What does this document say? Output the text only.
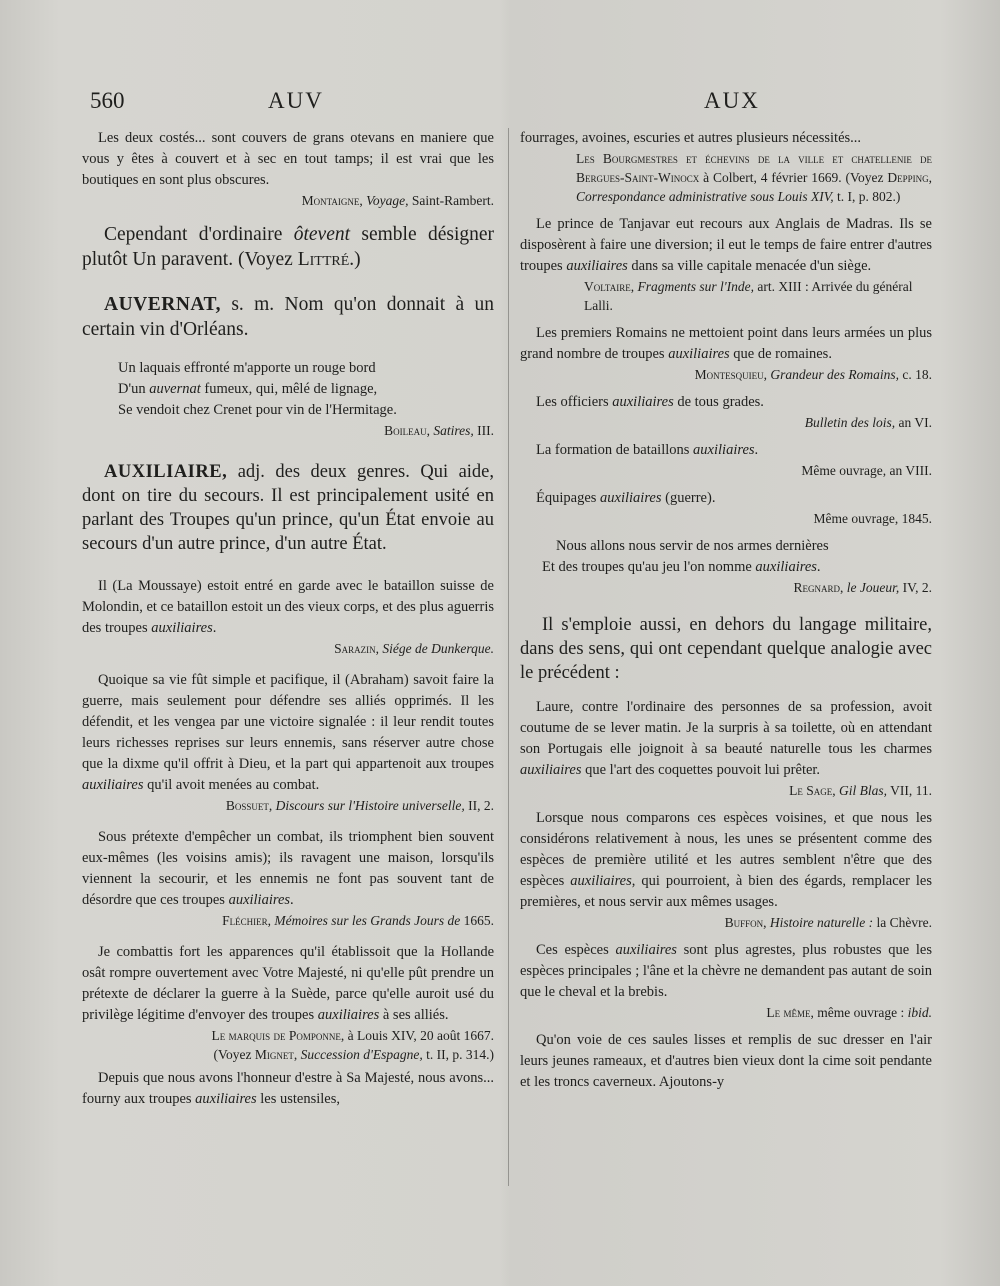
560	AUV	AUX

Les deux costés... sont couvers de grans otevans en maniere que vous y êtes à couvert et à sec en tout tamps; il est vrai que les boutiques en sont plus obscures.

Montaigne, Voyage, Saint-Rambert.

Cependant d'ordinaire ôtevent semble désigner plutôt Un paravent. (Voyez Littré.)

AUVERNAT, s. m. Nom qu'on donnait à un certain vin d'Orléans.

Un laquais effronté m'apporte un rouge bord

D'un auvernat fumeux, qui, mêlé de lignage,

Se vendoit chez Crenet pour vin de l'Hermitage.

Boileau, Satires, III.

AUXILIAIRE, adj. des deux genres. Qui aide, dont on tire du secours. Il est principalement usité en parlant des Troupes qu'un prince, qu'un État envoie au secours d'un autre prince, d'un autre État.

Il (La Moussaye) estoit entré en garde avec le bataillon suisse de Molondin, et ce bataillon estoit un des vieux corps, et des plus aguerris des troupes auxiliaires.

Sarazin, Siége de Dunkerque.

Quoique sa vie fût simple et pacifique, il (Abraham) savoit faire la guerre, mais seulement pour défendre ses alliés opprimés. Il les défendit, et les vengea par une victoire signalée : il leur rendit toutes leurs richesses reprises sur leurs ennemis, sans réserver autre chose que la dixme qu'il offrit à Dieu, et la part qui appartenoit aux troupes auxiliaires qu'il avoit menées au combat.

Bossuet, Discours sur l'Histoire universelle, II, 2.

Sous prétexte d'empêcher un combat, ils triomphent bien souvent eux-mêmes (les voisins amis); ils ravagent une maison, lorsqu'ils viennent la secourir, et les ennemis ne font pas souvent tant de désordre que ces troupes auxiliaires.

Fléchier, Mémoires sur les Grands Jours de 1665.

Je combattis fort les apparences qu'il établissoit que la Hollande osât rompre ouvertement avec Votre Majesté, ni qu'elle pût prendre un prétexte de déclarer la guerre à la Suède, parce qu'elle auroit usé du privilège légitime d'envoyer des troupes auxiliaires à ses alliés.

Le marquis de Pomponne, à Louis XIV, 20 août 1667.

(Voyez Mignet, Succession d'Espagne, t. II, p. 314.)

Depuis que nous avons l'honneur d'estre à Sa Majesté, nous avons... fourny aux troupes auxiliaires les ustensiles,

fourrages, avoines, escuries et autres plusieurs nécessités...

Les Bourgmestres et échevins de la ville et chatellenie de Bergues-Saint-Winocx à Colbert, 4 février 1669. (Voyez Depping, Correspondance administrative sous Louis XIV, t. I, p. 802.)

Le prince de Tanjavar eut recours aux Anglais de Madras. Ils se disposèrent à faire une diversion; il eut le temps de faire entrer d'autres troupes auxiliaires dans sa ville capitale menacée d'un siège.

Voltaire, Fragments sur l'Inde, art. XIII : Arrivée du général Lalli.

Les premiers Romains ne mettoient point dans leurs armées un plus grand nombre de troupes auxiliaires que de romaines.

Montesquieu, Grandeur des Romains, c. 18.

Les officiers auxiliaires de tous grades.

Bulletin des lois, an VI.

La formation de bataillons auxiliaires.

Même ouvrage, an VIII.

Équipages auxiliaires (guerre).

Même ouvrage, 1845.

Nous allons nous servir de nos armes dernières

Et des troupes qu'au jeu l'on nomme auxiliaires.

Regnard, le Joueur, IV, 2.

Il s'emploie aussi, en dehors du langage militaire, dans des sens, qui ont cependant quelque analogie avec le précédent :

Laure, contre l'ordinaire des personnes de sa profession, avoit coutume de se lever matin. Je la surpris à sa toilette, où en attendant son Portugais elle joignoit à sa beauté naturelle tous les charmes auxiliaires que l'art des coquettes pouvoit lui prêter.

Le Sage, Gil Blas, VII, 11.

Lorsque nous comparons ces espèces voisines, et que nous les considérons relativement à nous, les unes se présentent comme des espèces de première utilité et les autres semblent n'être que des espèces auxiliaires, qui pourroient, à bien des égards, remplacer les premières, et nous servir aux mêmes usages.

Buffon, Histoire naturelle : la Chèvre.

Ces espèces auxiliaires sont plus agrestes, plus robustes que les espèces principales ; l'âne et la chèvre ne demandent pas autant de soin que le cheval et la brebis.

Le même, même ouvrage : ibid.

Qu'on voie de ces saules lisses et remplis de suc dresser en l'air leurs jeunes rameaux, et d'autres bien vieux dont la cime soit pendante et les troncs caverneux. Ajoutons-y
